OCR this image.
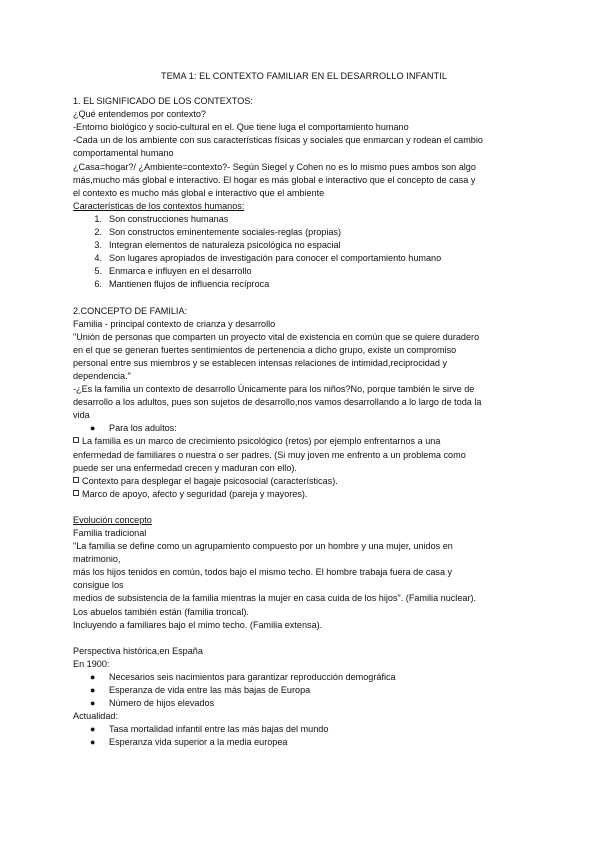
TEMA 1: EL CONTEXTO FAMILIAR EN EL DESARROLLO INFANTIL

1. EL SIGNIFICADO DE LOS CONTEXTOS:

¿Qué entendemos por contexto?

-Entorno biológico y socio-cultural en el. Que tiene luga el comportamiento humano

-Cada un de los ambiente con sus características físicas y sociales que enmarcan y rodean el cambio

comportamental humano

¿Casa=hogar?/ ¿Ambiente=contexto?- Según Siegel y Cohen no es lo mismo pues ambos son algo

más,mucho más global e interactivo. El hogar es más global e interactivo que el concepto de casa y

el contexto es mucho más global e interactivo que el ambiente

Características de los contextos humanos:

1. Son construcciones humanas
2. Son constructos eminentemente sociales-reglas (propias)
3. Integran elementos de naturaleza psicológica no espacial
4. Son lugares apropiados de investigación para conocer el comportamiento humano
5. Enmarca e influyen en el desarrollo
6. Mantienen flujos de influencia recíproca

2.CONCEPTO DE FAMILIA:

Familia - principal contexto de crianza y desarrollo

"Unión de personas que comparten un proyecto vital de existencia en común que se quiere duradero

en el que se generan fuertes sentimientos de pertenencia a dicho grupo, existe un compromiso

personal entre sus miembros y se establecen intensas relaciones de intimidad,reciprocidad y

dependencia."

-¿Es la familia un contexto de desarrollo Únicamente para los niños?No, porque también le sirve de

desarrollo a los adultos, pues son sujetos de desarrollo,nos vamos desarrollando a lo largo de toda la

vida

● Para los adultos:

La familia es un marco de crecimiento psicológico (retos) por ejemplo enfrentarnos a una

enfermedad de familiares o nuestra o ser padres. (Si muy joven me enfrento a un problema como

puede ser una enfermedad crecen y maduran con ello).

Contexto para desplegar el bagaje psicosocial (características).

Marco de apoyo, afecto y seguridad (pareja y mayores).

Evolución concepto

Familia tradicional

"La familia se define como un agrupamiento compuesto por un hombre y una mujer, unidos en

matrimonio,

más los hijos tenidos en común, todos bajo el mismo techo. El hombre trabaja fuera de casa y

consigue los

medios de subsistencia de la familia mientras la mujer en casa cuida de los hijos". (Familia nuclear).

Los abuelos también están (familia troncal).

Incluyendo a familiares bajo el mimo techo. (Familia extensa).

Perspectiva histórica,en España

En 1900:

● Necesarios seis nacimientos para garantizar reproducción demográfica
● Esperanza de vida entre las más bajas de Europa
● Número de hijos elevados

Actualidad:

● Tasa mortalidad infantil entre las más bajas del mundo
● Esperanza vida superior a la media europea
